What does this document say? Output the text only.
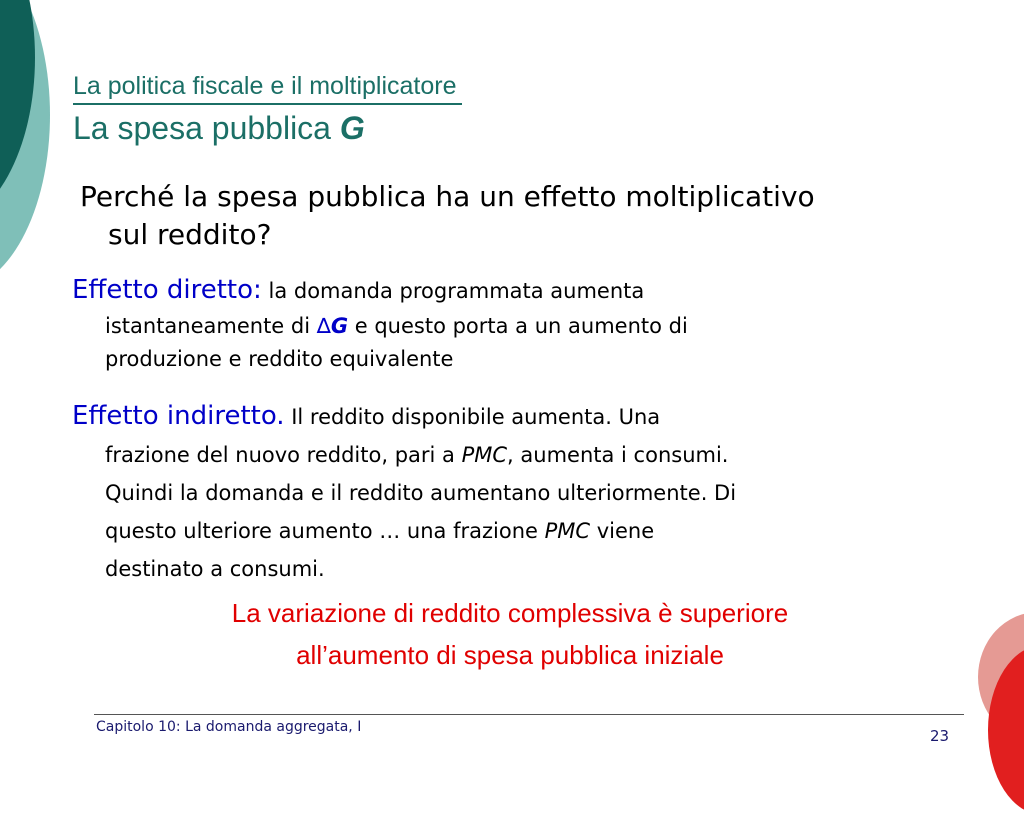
La politica fiscale e il moltiplicatore
La spesa pubblica G

Perché la spesa pubblica ha un effetto moltiplicativo
sul reddito?

Effetto diretto: la domanda programmata aumenta
istantaneamente di ∆G e questo porta a un aumento di
produzione e reddito equivalente

Effetto indiretto. Il reddito disponibile aumenta. Una
frazione del nuovo reddito, pari a PMC, aumenta i consumi.
Quindi la domanda e il reddito aumentano ulteriormente. Di
questo ulteriore aumento … una frazione PMC viene
destinato a consumi.

La variazione di reddito complessiva è superiore
all’aumento di spesa pubblica iniziale

Capitolo 10: La domanda aggregata, I	23
